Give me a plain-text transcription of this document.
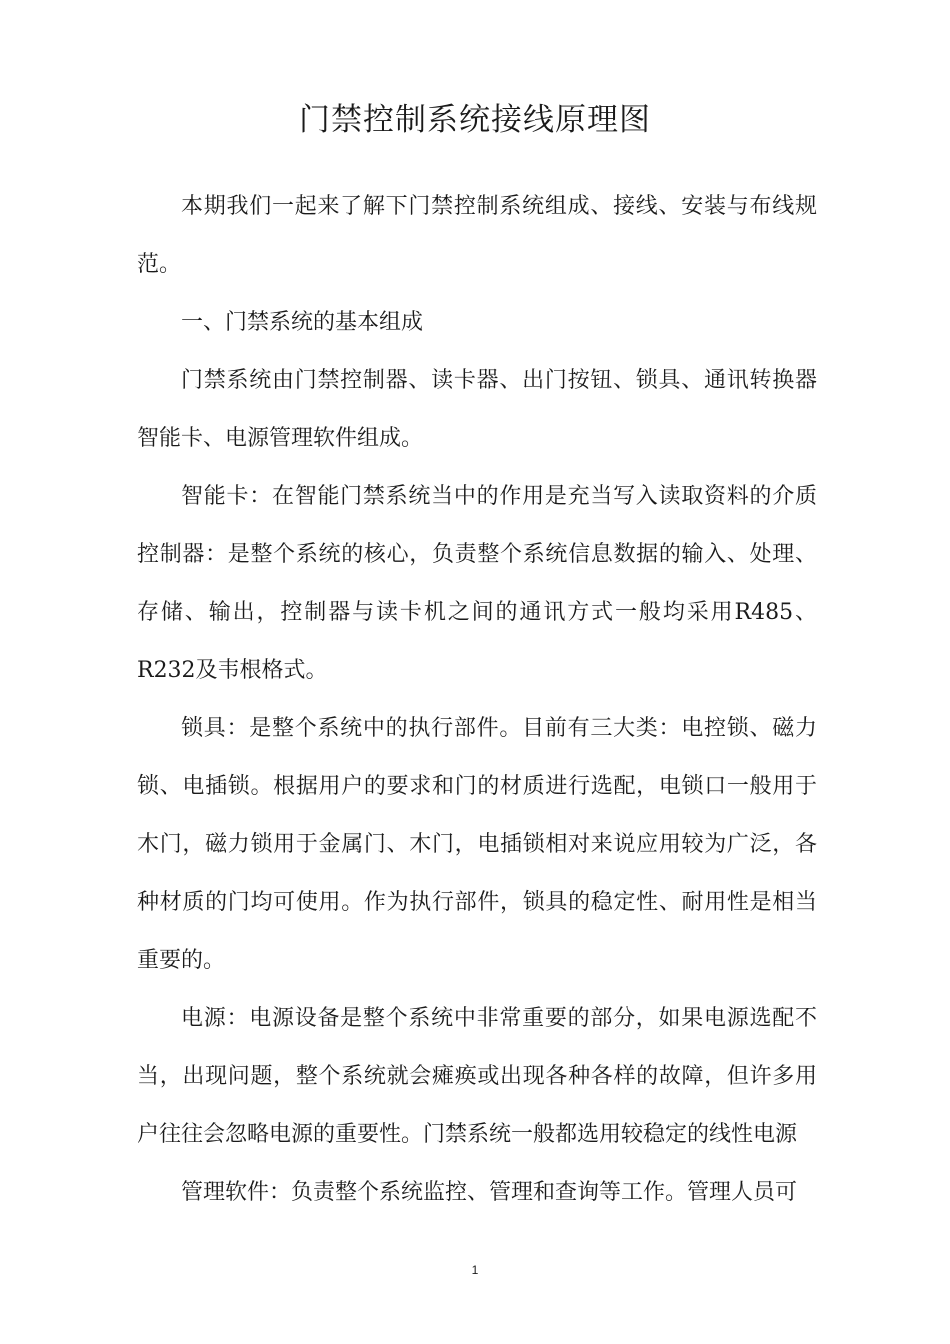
门禁控制系统接线原理图

本期我们一起来了解下门禁控制系统组成、接线、安装与布线规范。

一、门禁系统的基本组成

门禁系统由门禁控制器、读卡器、出门按钮、锁具、通讯转换器智能卡、电源管理软件组成。

智能卡：在智能门禁系统当中的作用是充当写入读取资料的介质控制器：是整个系统的核心，负责整个系统信息数据的输入、处理、存储、输出，控制器与读卡机之间的通讯方式一般均采用R485、R232及韦根格式。

锁具：是整个系统中的执行部件。目前有三大类：电控锁、磁力锁、电插锁。根据用户的要求和门的材质进行选配，电锁口一般用于木门，磁力锁用于金属门、木门，电插锁相对来说应用较为广泛，各种材质的门均可使用。作为执行部件，锁具的稳定性、耐用性是相当重要的。

电源：电源设备是整个系统中非常重要的部分，如果电源选配不当，出现问题，整个系统就会瘫痪或出现各种各样的故障，但许多用户往往会忽略电源的重要性。门禁系统一般都选用较稳定的线性电源

管理软件：负责整个系统监控、管理和查询等工作。管理人员可

1
